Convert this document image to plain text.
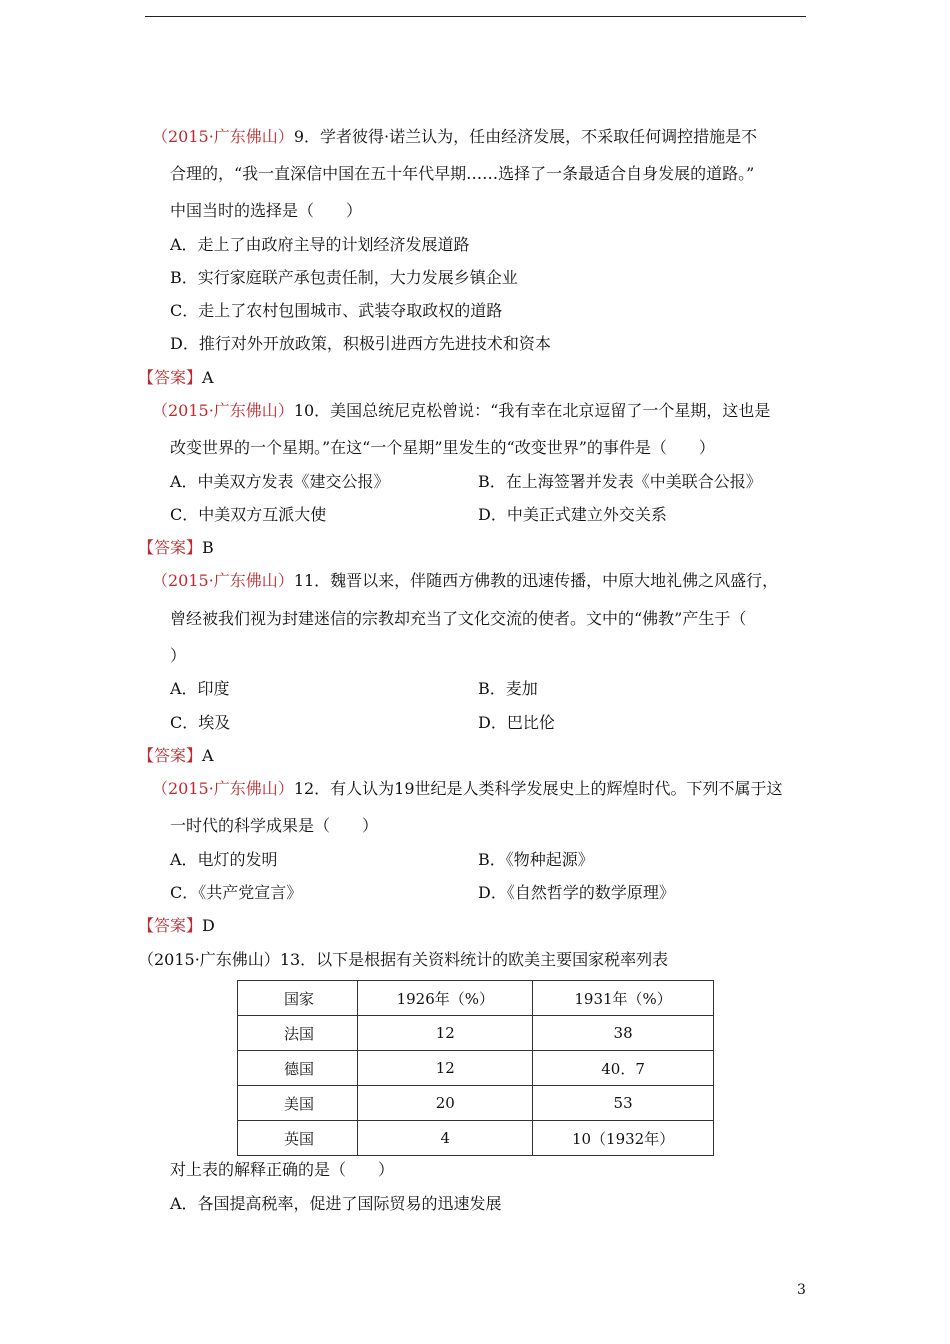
（2015·广东佛山）9．学者彼得·诺兰认为，任由经济发展，不采取任何调控措施是不
合理的，“我一直深信中国在五十年代早期……选择了一条最适合自身发展的道路。”
中国当时的选择是（　　）
A．走上了由政府主导的计划经济发展道路
B．实行家庭联产承包责任制，大力发展乡镇企业
C．走上了农村包围城市、武装夺取政权的道路
D．推行对外开放政策，积极引进西方先进技术和资本
【答案】A
（2015·广东佛山）10．美国总统尼克松曾说：“我有幸在北京逗留了一个星期，这也是
改变世界的一个星期。”在这“一个星期”里发生的“改变世界”的事件是（　　）
A．中美双方发表《建交公报》	B．在上海签署并发表《中美联合公报》
C．中美双方互派大使	D．中美正式建立外交关系
【答案】B
（2015·广东佛山）11．魏晋以来，伴随西方佛教的迅速传播，中原大地礼佛之风盛行，
曾经被我们视为封建迷信的宗教却充当了文化交流的使者。文中的“佛教”产生于（
）
A．印度	B．麦加
C．埃及	D．巴比伦
【答案】A
（2015·广东佛山）12．有人认为19世纪是人类科学发展史上的辉煌时代。下列不属于这
一时代的科学成果是（　　）
A．电灯的发明	B．《物种起源》
C．《共产党宣言》	D．《自然哲学的数学原理》
【答案】D
（2015·广东佛山）13．以下是根据有关资料统计的欧美主要国家税率列表
国家	1926年（%）	1931年（%）
法国	12	38
德国	12	40．7
美国	20	53
英国	4	10（1932年）
对上表的解释正确的是（　　）
A．各国提高税率，促进了国际贸易的迅速发展
3
